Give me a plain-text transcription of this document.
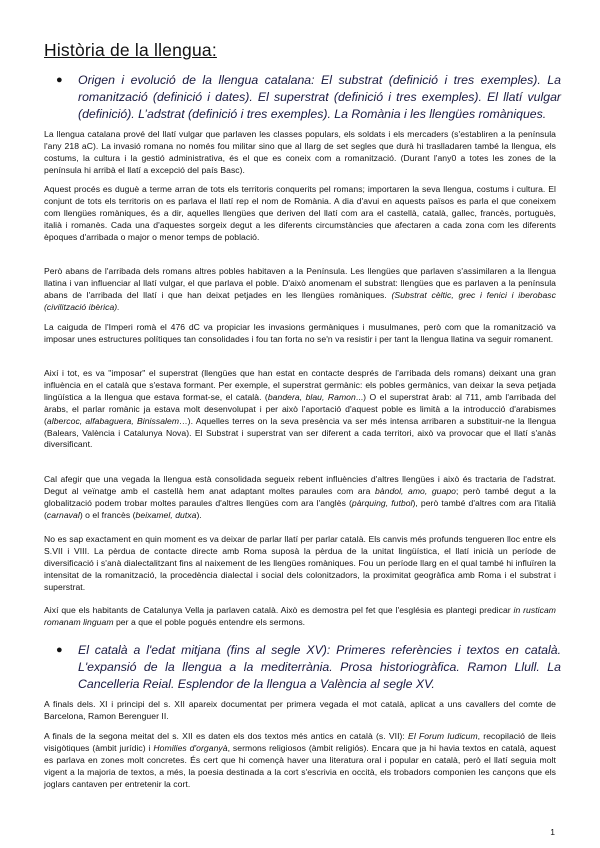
Història de la llengua:
● Origen i evolució de la llengua catalana: El substrat (definició i tres exemples). La romanització (definició i dates). El superstrat (definició i tres exemples). El llatí vulgar (definició). L’adstrat (definició i tres exemples). La Romània i les llengües romàniques.

La llengua catalana prové del llatí vulgar que parlaven les classes populars, els soldats i els mercaders (s'establiren a la península l'any 218 aC). La invasió romana no només fou militar sino que al llarg de set segles que durà hi traslladaren també la llengua, els costums, la cultura i la gestió administrativa, és el que es coneix com a romanització. (Durant l'any0 a totes les zones de la península hi arribà el llatí a excepció del país Basc).

Aquest procés es duguè a terme arran de tots els territoris conquerits pel romans; importaren la seva llengua, costums i cultura. El conjunt de tots els territoris on es parlava el llatí rep el nom de Romània. A dia d'avui en aquests països es parla el que coneixem com llengües romàniques, és a dir, aquelles llengües que deriven del llatí com ara el castellà, català, gallec, francès, portuguès, italià i romanès. Cada una d'aquestes sorgeix degut a les diferents circumstàncies que afectaren a cada zona com les diferents èpoques d'arribada o major o menor temps de població.

Però abans de l'arribada dels romans altres pobles habitaven a la Península. Les llengües que parlaven s'assimilaren a la llengua llatina i van influenciar al llatí vulgar, el que parlava el poble. D'això anomenam el substrat: llengües que es parlaven a la península abans de l'arribada del llatí i que han deixat petjades en les llengües romàniques. (Substrat cèltic, grec i fenici i iberobasc (civilització ibèrica).

La caiguda de l'Imperi romà el 476 dC va propiciar les invasions germàniques i musulmanes, però com que la romanització va imposar unes estructures polítiques tan consolidades i fou tan forta no se'n va resistir i per tant la llengua llatina va seguir romanent.

Així i tot, es va "imposar" el superstrat (llengües que han estat en contacte després de l'arribada dels romans) deixant una gran influència en el català que s'estava formant. Per exemple, el superstrat germànic: els pobles germànics, van deixar la seva petjada lingüística a la llengua que estava format-se, el català. (bandera, blau, Ramon...) O el superstrat àrab: al 711, amb l'arribada del àrabs, el parlar romànic ja estava molt desenvolupat i per això l'aportació d'aquest poble es limità a la introducció d'arabismes (albercoc, alfabaguera, Binissalem…). Aquelles terres on la seva presència va ser més intensa arribaren a substituir-ne la llengua (Balears, València i Catalunya Nova). El Substrat i superstrat van ser diferent a cada territori, això va provocar que el llatí s'anàs diversificant.

Cal afegir que una vegada la llengua està consolidada segueix rebent influències d'altres llengües i això és tractaria de l'adstrat. Degut al veïnatge amb el castellà hem anat adaptant moltes paraules com ara bàndol, amo, guapo; però també degut a la globalització podem trobar moltes paraules d'altres llengües com ara l'anglès (pàrquing, futbol), però també d'altres com ara l'italià (carnaval) o el francès (beixamel, dutxa).

No es sap exactament en quin moment es va deixar de parlar llatí per parlar català. Els canvis més profunds tengueren lloc entre els S.VII i VIII. La pèrdua de contacte directe amb Roma suposà la pèrdua de la unitat lingüística, el llatí inicià un període de diversificació i s'anà dialectalitzant fins al naixement de les llengües romàniques. Fou un període llarg en el qual també hi influïren la intensitat de la romanització, la procedència dialectal i social dels colonitzadors, la proximitat geogràfica amb Roma i el substrat i superstrat.

Així que els habitants de Catalunya Vella ja parlaven català. Això es demostra pel fet que l'església es plantegi predicar in rusticam romanam linguam per a que el poble pogués entendre els sermons.

● El català a l'edat mitjana (fins al segle XV): Primeres referències i textos en català. L'expansió de la llengua a la mediterrània. Prosa historiogràfica. Ramon Llull. La Cancelleria Reial. Esplendor de la llengua a València al segle XV.

A finals dels. XI i principi del s. XII apareix documentat per primera vegada el mot català, aplicat a uns cavallers del comte de Barcelona, Ramon Berenguer II.

A finals de la segona meitat del s. XII es daten els dos textos més antics en català (s. VII): El Forum Iudicum, recopilació de lleis visigòtiques (àmbit jurídic) i Homilies d'organyà, sermons religiosos (àmbit religiós). Encara que ja hi havia textos en català, aquest es parlava en zones molt concretes. És cert que hi començà haver una literatura oral i popular en català, però el llatí seguia molt vigent a la majoria de textos, a més, la poesia destinada a la cort s'escrivia en occità, els trobadors componien les cançons que els joglars cantaven per entretenir la cort.

1
